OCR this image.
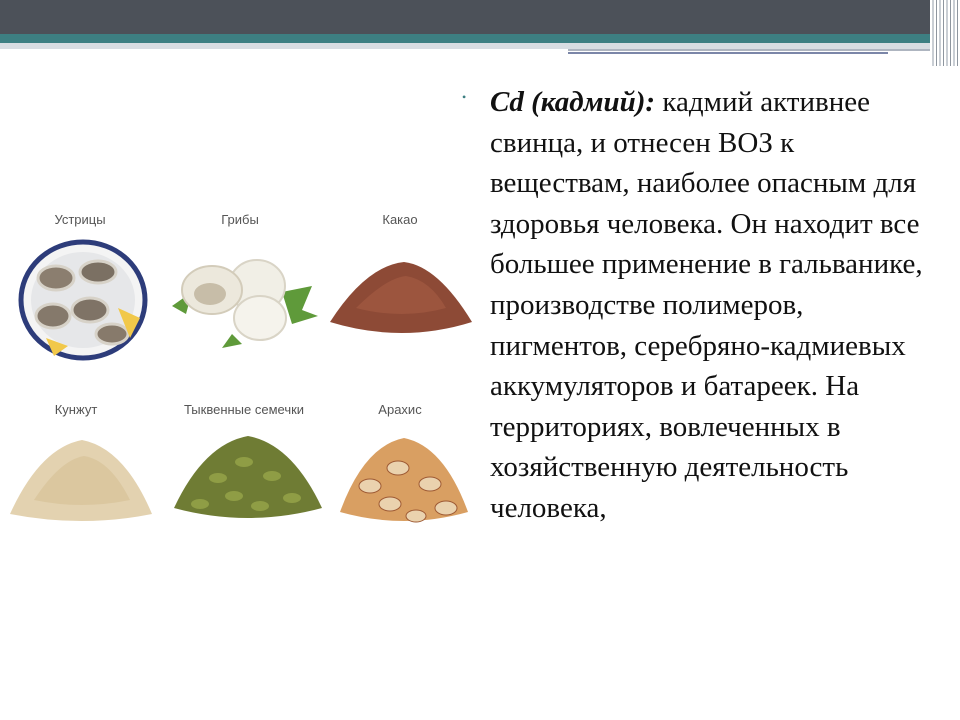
Устрицы	Грибы	Какао
Кунжут	Тыквенные семечки	Арахис
• Cd (кадмий): кадмий активнее свинца, и отнесен ВОЗ к веществам, наиболее опасным для здоровья человека. Он находит все большее применение в гальванике, производстве полимеров, пигментов, серебряно-кадмиевых аккумуляторов и батареек. На территориях, вовлеченных в хозяйственную деятельность человека,
